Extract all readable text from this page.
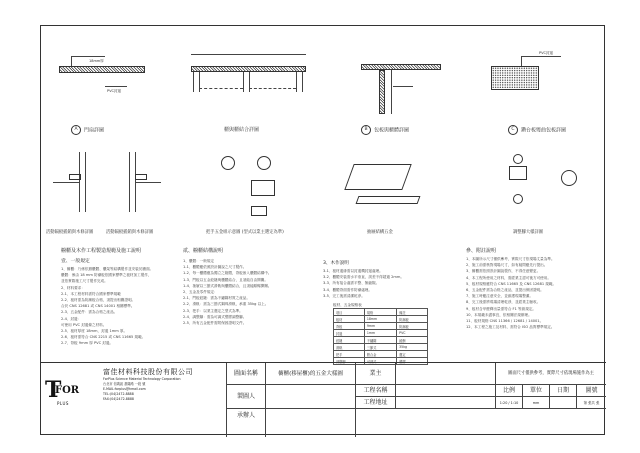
18mm厚
PVC封邊
A 門扇詳圖	櫃與櫃結合詳圖	B 包板與櫃體詳圖
PVC封邊
C 鑽台板彎曲包板詳圖
活動隔板插銷與木條詳圖	活動隔板插銷與木條詳圖	把手五金組示意圖 (型式以業主選定為準)	抽屜結構五金	調整腳大樣詳圖
櫥櫃及木作工程製造規範及施工說明
壹、一般規定
1、櫥櫃：乃係依據櫃體、櫃架等結構製作並安裝於牆面。
櫃體：係由 18 mm 防潮板依國家標準之板材加工製作，
並依實際施工尺寸製作完成。
2、材料要求：
2-1、本工程材料需符合國家標準規範
2-2、板材需為防潮板合格，須提出相關證明。
合於 CNS 12681 或 CNS 14001 相關標準。
2-3、五金配件：需為合格之產品。
2-4、封邊：
可使用 PVC 封邊條之材料。
2-5、板材厚度 18mm，封邊 1mm 厚。
2-6、板材需符合 CNS 2215 或 CNS 11665 規範。
2-7、背板 9mm 厚 PVC 封邊。
貳、櫥櫃結構說明
1、櫃體：一般規定
1-1、櫃體應依照設計圖說之尺寸製作。
1-2、每一櫃體應為獨立之箱體，背板嵌入櫃體結構中。
1-3、門板以五金鉸鏈與櫃體結合，且須能自由開闔。
1-4、抽屜以三節式滑軌與櫃體結合，且須能順暢開關。
2、五金及零件規定：
2-1、門板鉸鏈：需為不鏽鋼材質之產品。
2-2、滑軌：需為三節式鋼珠滑軌，承重 35kg 以上。
2-3、把手：以業主選定之型式為準。
2-4、調整腳：需為可調式塑膠調整腳。
2-5、所有五金配件需附保固證明文件。
3、木作說明
3-1、板材邊緣需以封邊機封邊處理。
3-2、櫃體安裝需水平垂直，誤差不得超過 2mm。
3-3、所有接合處需平整、無縫隙。
3-4、櫃體背面需作防潮處理。
3-5、完工後需清潔乾淨。
板材、五金規格表
項目	規格	備註
板材	18mm	防潮板
背板	9mm	防潮板
封邊	1mm	PVC
鉸鏈	不鏽鋼	緩衝
滑軌	三節式	35kg
把手	鋁合金	選定
調整腳	可調式	塑膠
參、附註說明
1、本圖所示尺寸僅供參考，實際尺寸依現場丈量為準。
2、施工前需核對現場尺寸，如有疑問應先行提出。
3、櫥櫃需依照設計圖說製作，不得任意變更。
4、本工程所使用之材料，需經業主認可後方可使用。
5、板材規格應符合 CNS 11665 及 CNS 12681 規範。
6、五金配件需為合格之產品，並提出保固證明。
7、施工時應注意安全，並維護現場整潔。
8、完工後需將現場清理乾淨，並經業主驗收。
9、板材含甲醛釋出量需符合 F1 等級規定。
10、本規範未盡事宜，依相關法規辦理。
11、板材規格 CNS 11366 / 12681 / 14001。
12、本工程之施工及材料，需符合 ISO 品質標準規定。
T
FOR
PLUS
富佳材料科技股份有限公司
ForPlus Science Material Technology Corporation
台北市 信義區 基隆路 一段 號
E-MAIL:forplus@hmail.com
TEL:(04)2472-8888
FAX:(04)2472-8888
圖面名稱	櫥櫃(移屋櫃)的五金大樣圖	業主	圖面尺寸僅供參考，實際尺寸依現場施作為主
製圖人
工程名稱
工程地址
比例	單位	日期	圖號
1:20 / 1:10	mm	第 張共 張
承辦人
